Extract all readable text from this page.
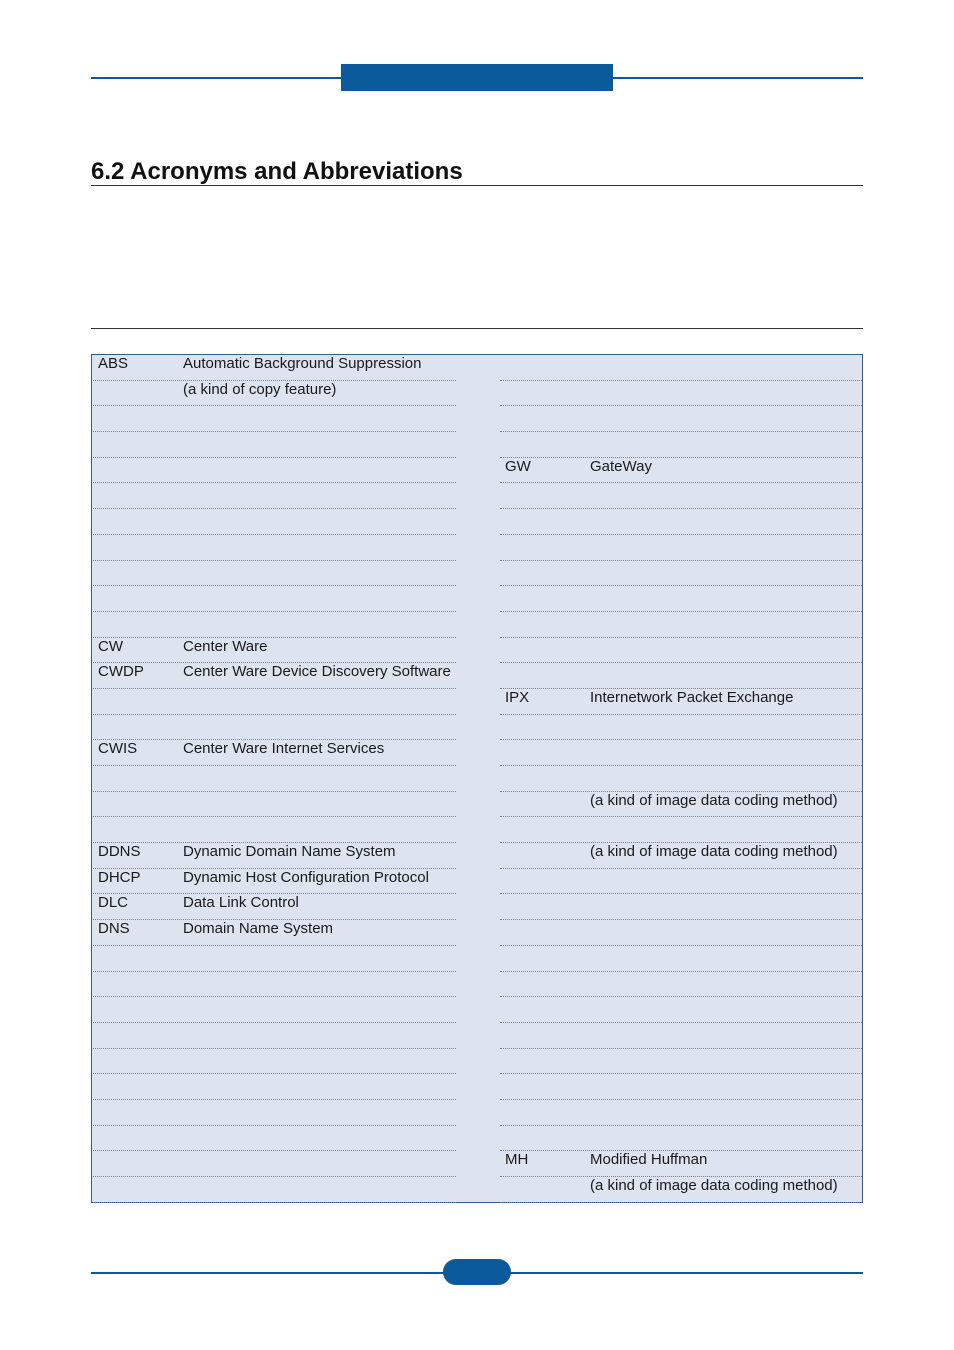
6.2 Acronyms and Abbreviations
ABS	Automatic Background Suppression
(a kind of copy feature)
CW	Center Ware
CWDP	Center Ware Device Discovery Software
CWIS	Center Ware Internet Services
DDNS	Dynamic Domain Name System
DHCP	Dynamic Host Configuration Protocol
DLC	Data Link Control
DNS	Domain Name System
GW	GateWay
IPX	Internetwork Packet Exchange
(a kind of image data coding method)
(a kind of image data coding method)
MH	Modified Huffman
(a kind of image data coding method)
